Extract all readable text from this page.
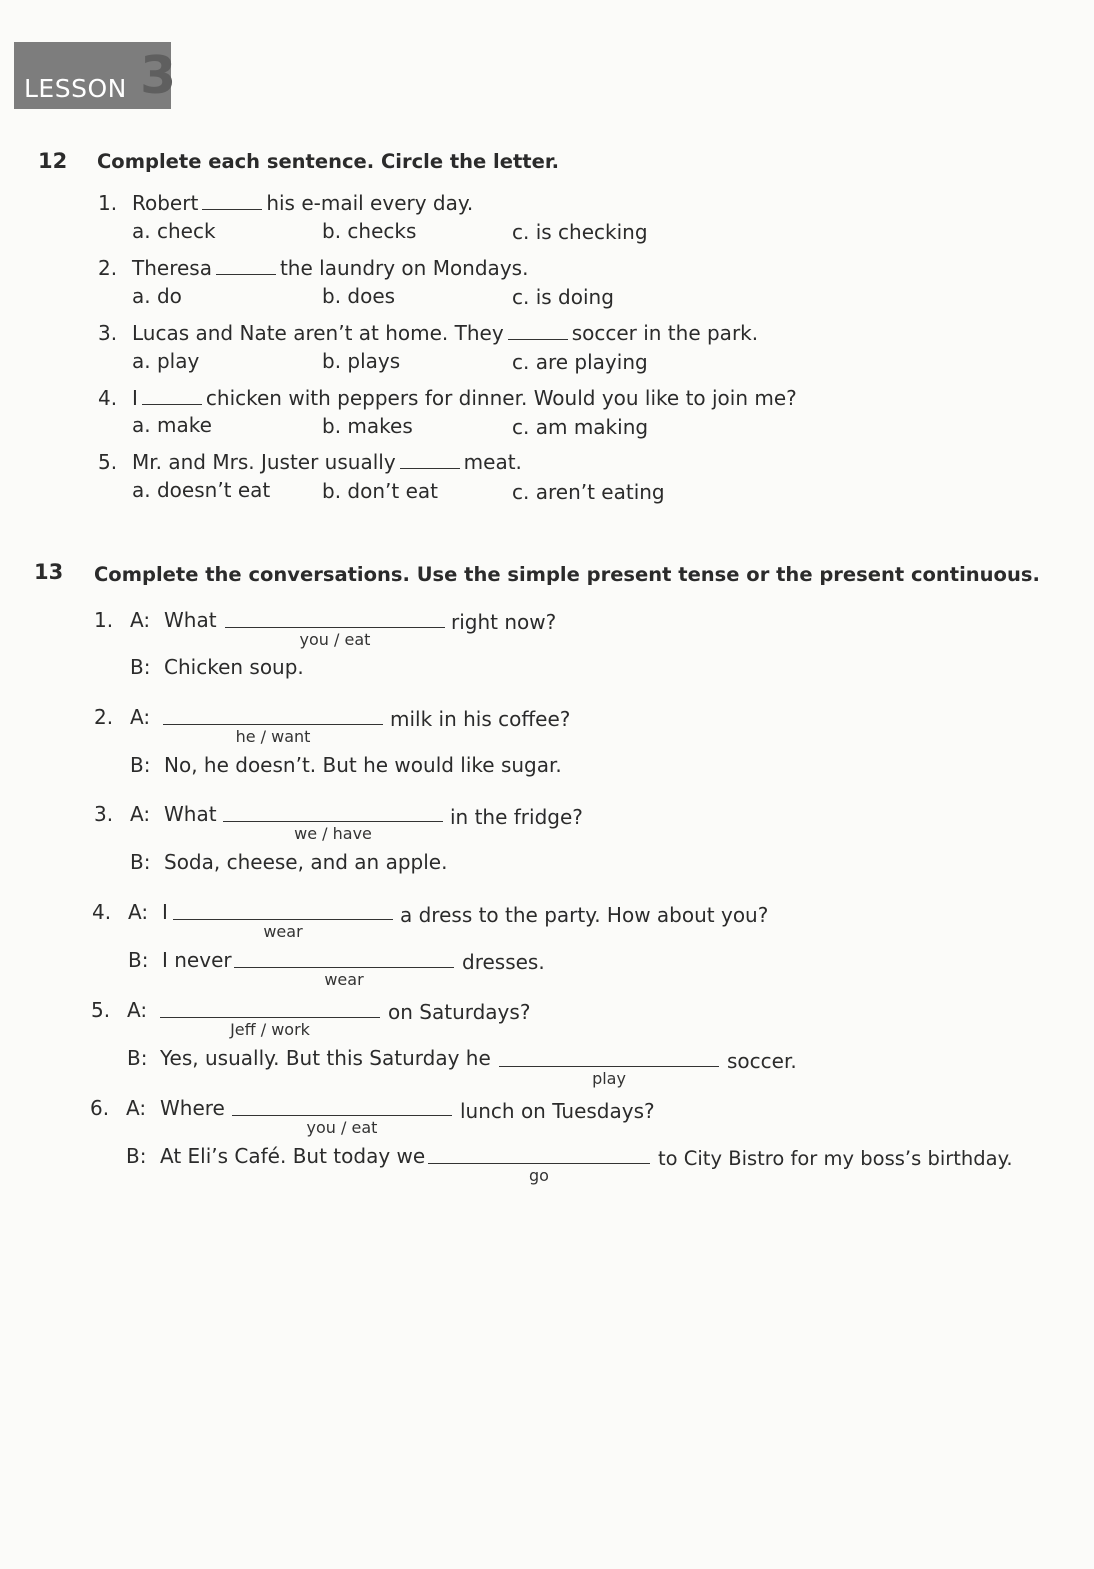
LESSON 3
12 Complete each sentence. Circle the letter.
1. Robert	his e-mail every day.
a. check	b. checks	c. is checking
2. Theresa	the laundry on Mondays.
a. do	b. does	c. is doing
3. Lucas and Nate aren’t at home. They	soccer in the park.
a. play	b. plays	c. are playing
4. I	chicken with peppers for dinner. Would you like to join me?
a. make	b. makes	c. am making
5. Mr. and Mrs. Juster usually	meat.
a. doesn’t eat	b. don’t eat	c. aren’t eating
13 Complete the conversations. Use the simple present tense or the present continuous.
1. A: What
you / eat
right now?
B: Chicken soup.
2. A:
he / want
milk in his coffee?
B: No, he doesn’t. But he would like sugar.
3. A: What
we / have
in the fridge?
B: Soda, cheese, and an apple.
4. A: I
wear
a dress to the party. How about you?
B: I never
wear
dresses.
5. A:
Jeff / work
on Saturdays?
B: Yes, usually. But this Saturday he
play
soccer.
6. A: Where
you / eat
lunch on Tuesdays?
B: At Eli’s Café. But today we
go
to City Bistro for my boss’s birthday.
